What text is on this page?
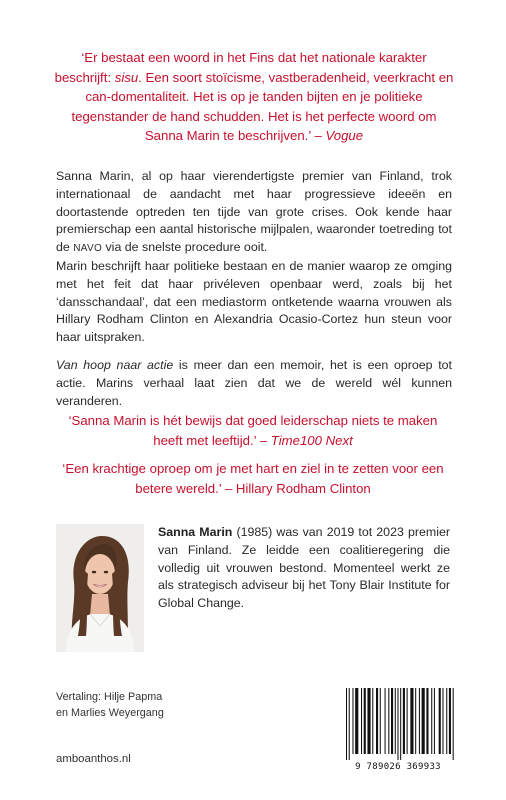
‘Er bestaat een woord in het Fins dat het nationale karakter beschrijft: sisu. Een soort stoïcisme, vastberadenheid, veerkracht en can-domentaliteit. Het is op je tanden bijten en je politieke tegenstander de hand schudden. Het is het perfecte woord om Sanna Marin te beschrijven.’ – Vogue

Sanna Marin, al op haar vierendertigste premier van Finland, trok internationaal de aandacht met haar progressieve ideeën en doortastende optreden ten tijde van grote crises. Ook kende haar premierschap een aantal historische mijlpalen, waaronder toetreding tot de NAVO via de snelste procedure ooit.

Marin beschrijft haar politieke bestaan en de manier waarop ze omging met het feit dat haar privéleven openbaar werd, zoals bij het ‘dansschandaal’, dat een mediastorm ontketende waarna vrouwen als Hillary Rodham Clinton en Alexandria Ocasio-Cortez hun steun voor haar uitspraken.

Van hoop naar actie is meer dan een memoir, het is een oproep tot actie. Marins verhaal laat zien dat we de wereld wél kunnen veranderen.

‘Sanna Marin is hét bewijs dat goed leiderschap niets te maken heeft met leeftijd.’ – Time100 Next
‘Een krachtige oproep om je met hart en ziel in te zetten voor een betere wereld.’ – Hillary Rodham Clinton
Sanna Marin (1985) was van 2019 tot 2023 premier van Finland. Ze leidde een coalitieregering die volledig uit vrouwen bestond. Momenteel werkt ze als strategisch adviseur bij het Tony Blair Institute for Global Change.
Vertaling: Hilje Papma
en Marlies Weyergang
amboanthos.nl
9 789026 369933
